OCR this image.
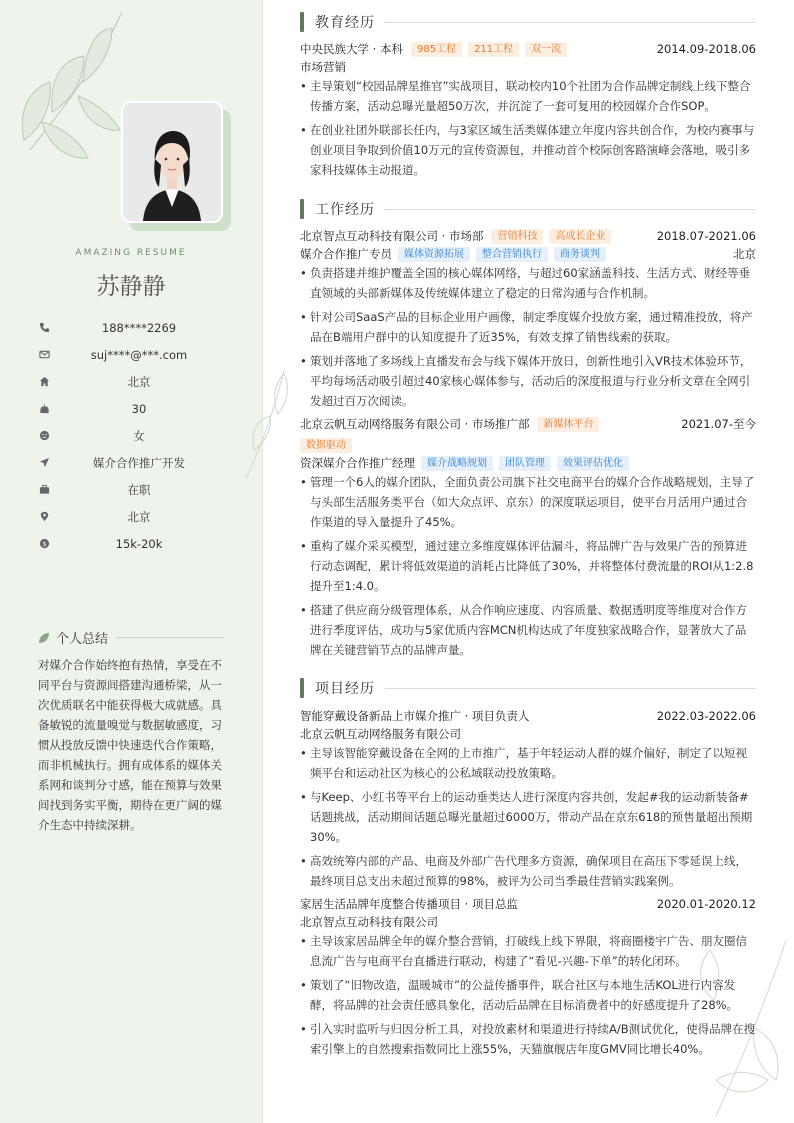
AMAZING RESUME
苏静静
188****2269
suj****@***.com
北京
30
女
媒介合作推广开发
在职
北京
$	15k-20k
个人总结
对媒介合作始终抱有热情，享受在不同平台与资源间搭建沟通桥梁，从一次优质联名中能获得极大成就感。具备敏锐的流量嗅觉与数据敏感度，习惯从投放反馈中快速迭代合作策略，而非机械执行。拥有成体系的媒体关系网和谈判分寸感，能在预算与效果间找到务实平衡，期待在更广阔的媒介生态中持续深耕。
教育经历
中央民族大学 · 本科	985工程	211工程	双一流	2014.09-2018.06
市场营销
• 主导策划“校园品牌星推官”实战项目，联动校内10个社团为合作品牌定制线上线下整合传播方案，活动总曝光量超50万次，并沉淀了一套可复用的校园媒介合作SOP。
• 在创业社团外联部长任内，与3家区域生活类媒体建立年度内容共创合作，为校内赛事与创业项目争取到价值10万元的宣传资源包，并推动首个校际创客路演峰会落地，吸引多家科技媒体主动报道。
工作经历
北京智点互动科技有限公司 · 市场部	营销科技	高成长企业	2018.07-2021.06
媒介合作推广专员	媒体资源拓展	整合营销执行	商务谈判	北京
• 负责搭建并维护覆盖全国的核心媒体网络，与超过60家涵盖科技、生活方式、财经等垂直领域的头部新媒体及传统媒体建立了稳定的日常沟通与合作机制。
• 针对公司SaaS产品的目标企业用户画像，制定季度媒介投放方案，通过精准投放，将产品在B端用户群中的认知度提升了近35%，有效支撑了销售线索的获取。
• 策划并落地了多场线上直播发布会与线下媒体开放日，创新性地引入VR技术体验环节，平均每场活动吸引超过40家核心媒体参与，活动后的深度报道与行业分析文章在全网引发超过百万次阅读。
北京云帆互动网络服务有限公司 · 市场推广部	新媒体平台	2021.07-至今
数据驱动
资深媒介合作推广经理	媒介战略规划	团队管理	效果评估优化
• 管理一个6人的媒介团队，全面负责公司旗下社交电商平台的媒介合作战略规划，主导了与头部生活服务类平台（如大众点评、京东）的深度联运项目，使平台月活用户通过合作渠道的导入量提升了45%。
• 重构了媒介采买模型，通过建立多维度媒体评估漏斗，将品牌广告与效果广告的预算进行动态调配，累计将低效渠道的消耗占比降低了30%，并将整体付费流量的ROI从1:2.8提升至1:4.0。
• 搭建了供应商分级管理体系，从合作响应速度、内容质量、数据透明度等维度对合作方进行季度评估，成功与5家优质内容MCN机构达成了年度独家战略合作，显著放大了品牌在关键营销节点的品牌声量。
项目经历
智能穿戴设备新品上市媒介推广 · 项目负责人	2022.03-2022.06
北京云帆互动网络服务有限公司
• 主导该智能穿戴设备在全网的上市推广，基于年轻运动人群的媒介偏好，制定了以短视频平台和运动社区为核心的公私域联动投放策略。
• 与Keep、小红书等平台上的运动垂类达人进行深度内容共创，发起#我的运动新装备#话题挑战，活动期间话题总曝光量超过6000万，带动产品在京东618的预售量超出预期30%。
• 高效统筹内部的产品、电商及外部广告代理多方资源，确保项目在高压下零延误上线，最终项目总支出未超过预算的98%，被评为公司当季最佳营销实践案例。
家居生活品牌年度整合传播项目 · 项目总监	2020.01-2020.12
北京智点互动科技有限公司
• 主导该家居品牌全年的媒介整合营销，打破线上线下界限，将商圈楼宇广告、朋友圈信息流广告与电商平台直播进行联动，构建了“看见-兴趣-下单”的转化闭环。
• 策划了“旧物改造，温暖城市”的公益传播事件，联合社区与本地生活KOL进行内容发酵，将品牌的社会责任感具象化，活动后品牌在目标消费者中的好感度提升了28%。
• 引入实时监听与归因分析工具，对投放素材和渠道进行持续A/B测试优化，使得品牌在搜索引擎上的自然搜索指数同比上涨55%，天猫旗舰店年度GMV同比增长40%。
